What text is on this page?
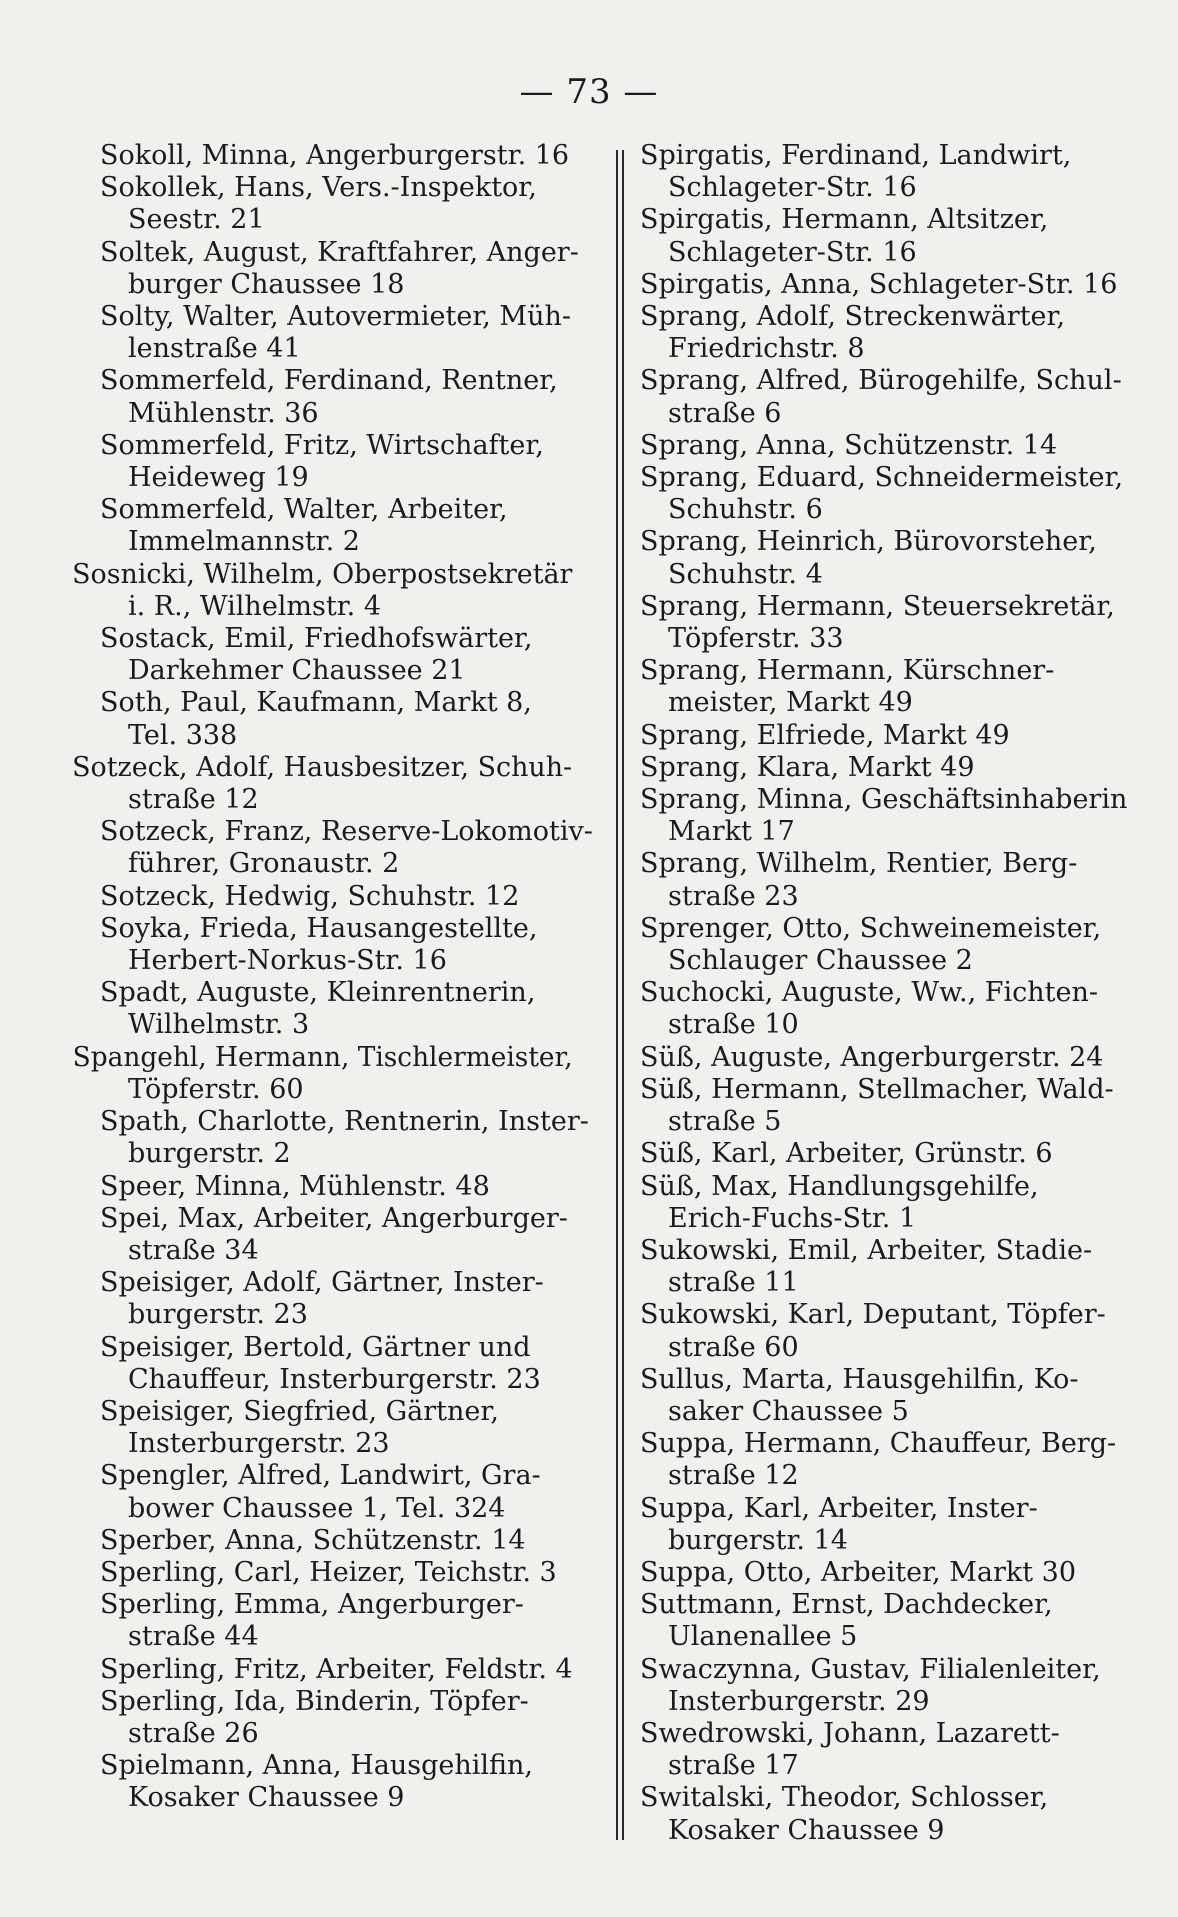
— 73 —
Sokoll, Minna, Angerburgerstr. 16
Sokollek, Hans, Vers.-Inspektor,
Seestr. 21
Soltek, August, Kraftfahrer, Anger-
burger Chaussee 18
Solty, Walter, Autovermieter, Müh-
lenstraße 41
Sommerfeld, Ferdinand, Rentner,
Mühlenstr. 36
Sommerfeld, Fritz, Wirtschafter,
Heideweg 19
Sommerfeld, Walter, Arbeiter,
Immelmannstr. 2
Sosnicki, Wilhelm, Oberpostsekretär
i. R., Wilhelmstr. 4
Sostack, Emil, Friedhofswärter,
Darkehmer Chaussee 21
Soth, Paul, Kaufmann, Markt 8,
Tel. 338
Sotzeck, Adolf, Hausbesitzer, Schuh-
straße 12
Sotzeck, Franz, Reserve-Lokomotiv-
führer, Gronaustr. 2
Sotzeck, Hedwig, Schuhstr. 12
Soyka, Frieda, Hausangestellte,
Herbert-Norkus-Str. 16
Spadt, Auguste, Kleinrentnerin,
Wilhelmstr. 3
Spangehl, Hermann, Tischlermeister,
Töpferstr. 60
Spath, Charlotte, Rentnerin, Inster-
burgerstr. 2
Speer, Minna, Mühlenstr. 48
Spei, Max, Arbeiter, Angerburger-
straße 34
Speisiger, Adolf, Gärtner, Inster-
burgerstr. 23
Speisiger, Bertold, Gärtner und
Chauffeur, Insterburgerstr. 23
Speisiger, Siegfried, Gärtner,
Insterburgerstr. 23
Spengler, Alfred, Landwirt, Gra-
bower Chaussee 1, Tel. 324
Sperber, Anna, Schützenstr. 14
Sperling, Carl, Heizer, Teichstr. 3
Sperling, Emma, Angerburger-
straße 44
Sperling, Fritz, Arbeiter, Feldstr. 4
Sperling, Ida, Binderin, Töpfer-
straße 26
Spielmann, Anna, Hausgehilfin,
Kosaker Chaussee 9
Spirgatis, Ferdinand, Landwirt,
Schlageter-Str. 16
Spirgatis, Hermann, Altsitzer,
Schlageter-Str. 16
Spirgatis, Anna, Schlageter-Str. 16
Sprang, Adolf, Streckenwärter,
Friedrichstr. 8
Sprang, Alfred, Bürogehilfe, Schul-
straße 6
Sprang, Anna, Schützenstr. 14
Sprang, Eduard, Schneidermeister,
Schuhstr. 6
Sprang, Heinrich, Bürovorsteher,
Schuhstr. 4
Sprang, Hermann, Steuersekretär,
Töpferstr. 33
Sprang, Hermann, Kürschner-
meister, Markt 49
Sprang, Elfriede, Markt 49
Sprang, Klara, Markt 49
Sprang, Minna, Geschäftsinhaberin
Markt 17
Sprang, Wilhelm, Rentier, Berg-
straße 23
Sprenger, Otto, Schweinemeister,
Schlauger Chaussee 2
Suchocki, Auguste, Ww., Fichten-
straße 10
Süß, Auguste, Angerburgerstr. 24
Süß, Hermann, Stellmacher, Wald-
straße 5
Süß, Karl, Arbeiter, Grünstr. 6
Süß, Max, Handlungsgehilfe,
Erich-Fuchs-Str. 1
Sukowski, Emil, Arbeiter, Stadie-
straße 11
Sukowski, Karl, Deputant, Töpfer-
straße 60
Sullus, Marta, Hausgehilfin, Ko-
saker Chaussee 5
Suppa, Hermann, Chauffeur, Berg-
straße 12
Suppa, Karl, Arbeiter, Inster-
burgerstr. 14
Suppa, Otto, Arbeiter, Markt 30
Suttmann, Ernst, Dachdecker,
Ulanenallee 5
Swaczynna, Gustav, Filialenleiter,
Insterburgerstr. 29
Swedrowski, Johann, Lazarett-
straße 17
Switalski, Theodor, Schlosser,
Kosaker Chaussee 9
